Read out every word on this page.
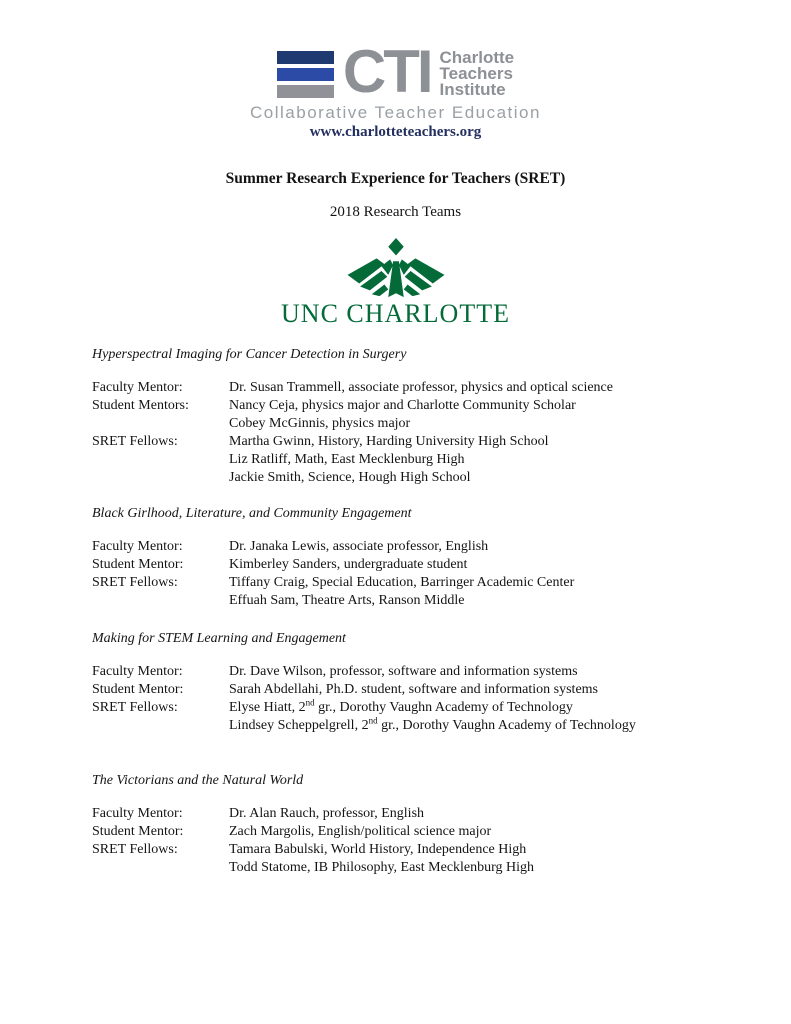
CTI Charlotte
Teachers
Institute
Collaborative Teacher Education
www.charlotteteachers.org
Summer Research Experience for Teachers (SRET)
2018 Research Teams
UNC CHARLOTTE
Hyperspectral Imaging for Cancer Detection in Surgery
Faculty Mentor:	Dr. Susan Trammell, associate professor, physics and optical science
Student Mentors:	Nancy Ceja, physics major and Charlotte Community Scholar
Cobey McGinnis, physics major
SRET Fellows:	Martha Gwinn, History, Harding University High School
Liz Ratliff, Math, East Mecklenburg High
Jackie Smith, Science, Hough High School
Black Girlhood, Literature, and Community Engagement
Faculty Mentor:	Dr. Janaka Lewis, associate professor, English
Student Mentor:	Kimberley Sanders, undergraduate student
SRET Fellows:	Tiffany Craig, Special Education, Barringer Academic Center
Effuah Sam, Theatre Arts, Ranson Middle
Making for STEM Learning and Engagement
Faculty Mentor:	Dr. Dave Wilson, professor, software and information systems
Student Mentor:	Sarah Abdellahi, Ph.D. student, software and information systems
SRET Fellows:	Elyse Hiatt, 2nd gr., Dorothy Vaughn Academy of Technology
Lindsey Scheppelgrell, 2nd gr., Dorothy Vaughn Academy of Technology
The Victorians and the Natural World
Faculty Mentor:	Dr. Alan Rauch, professor, English
Student Mentor:	Zach Margolis, English/political science major
SRET Fellows:	Tamara Babulski, World History, Independence High
Todd Statome, IB Philosophy, East Mecklenburg High
